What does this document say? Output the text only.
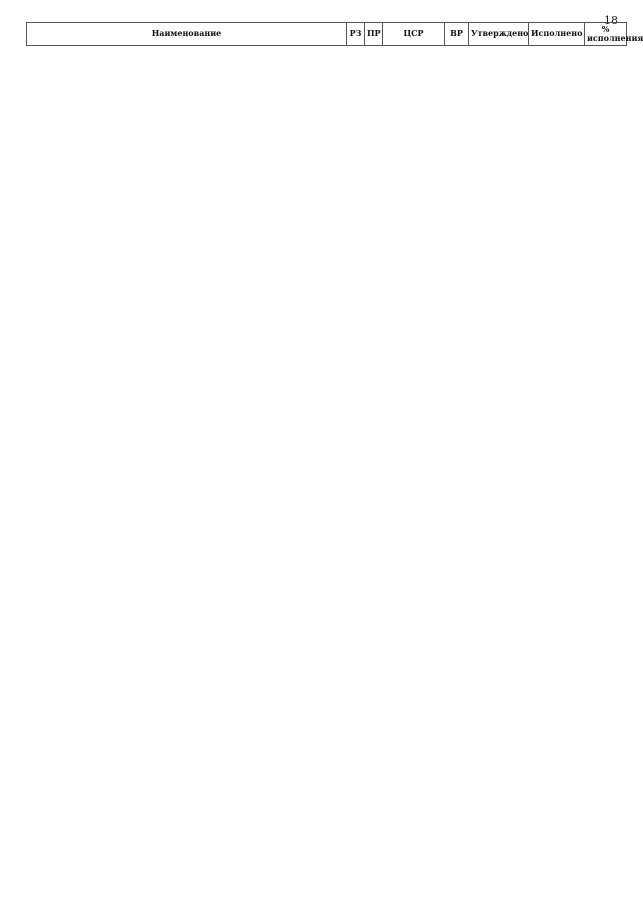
18
Наименование	РЗ	ПР	ЦСР	ВР	Утверждено	Исполнено	% исполнения
